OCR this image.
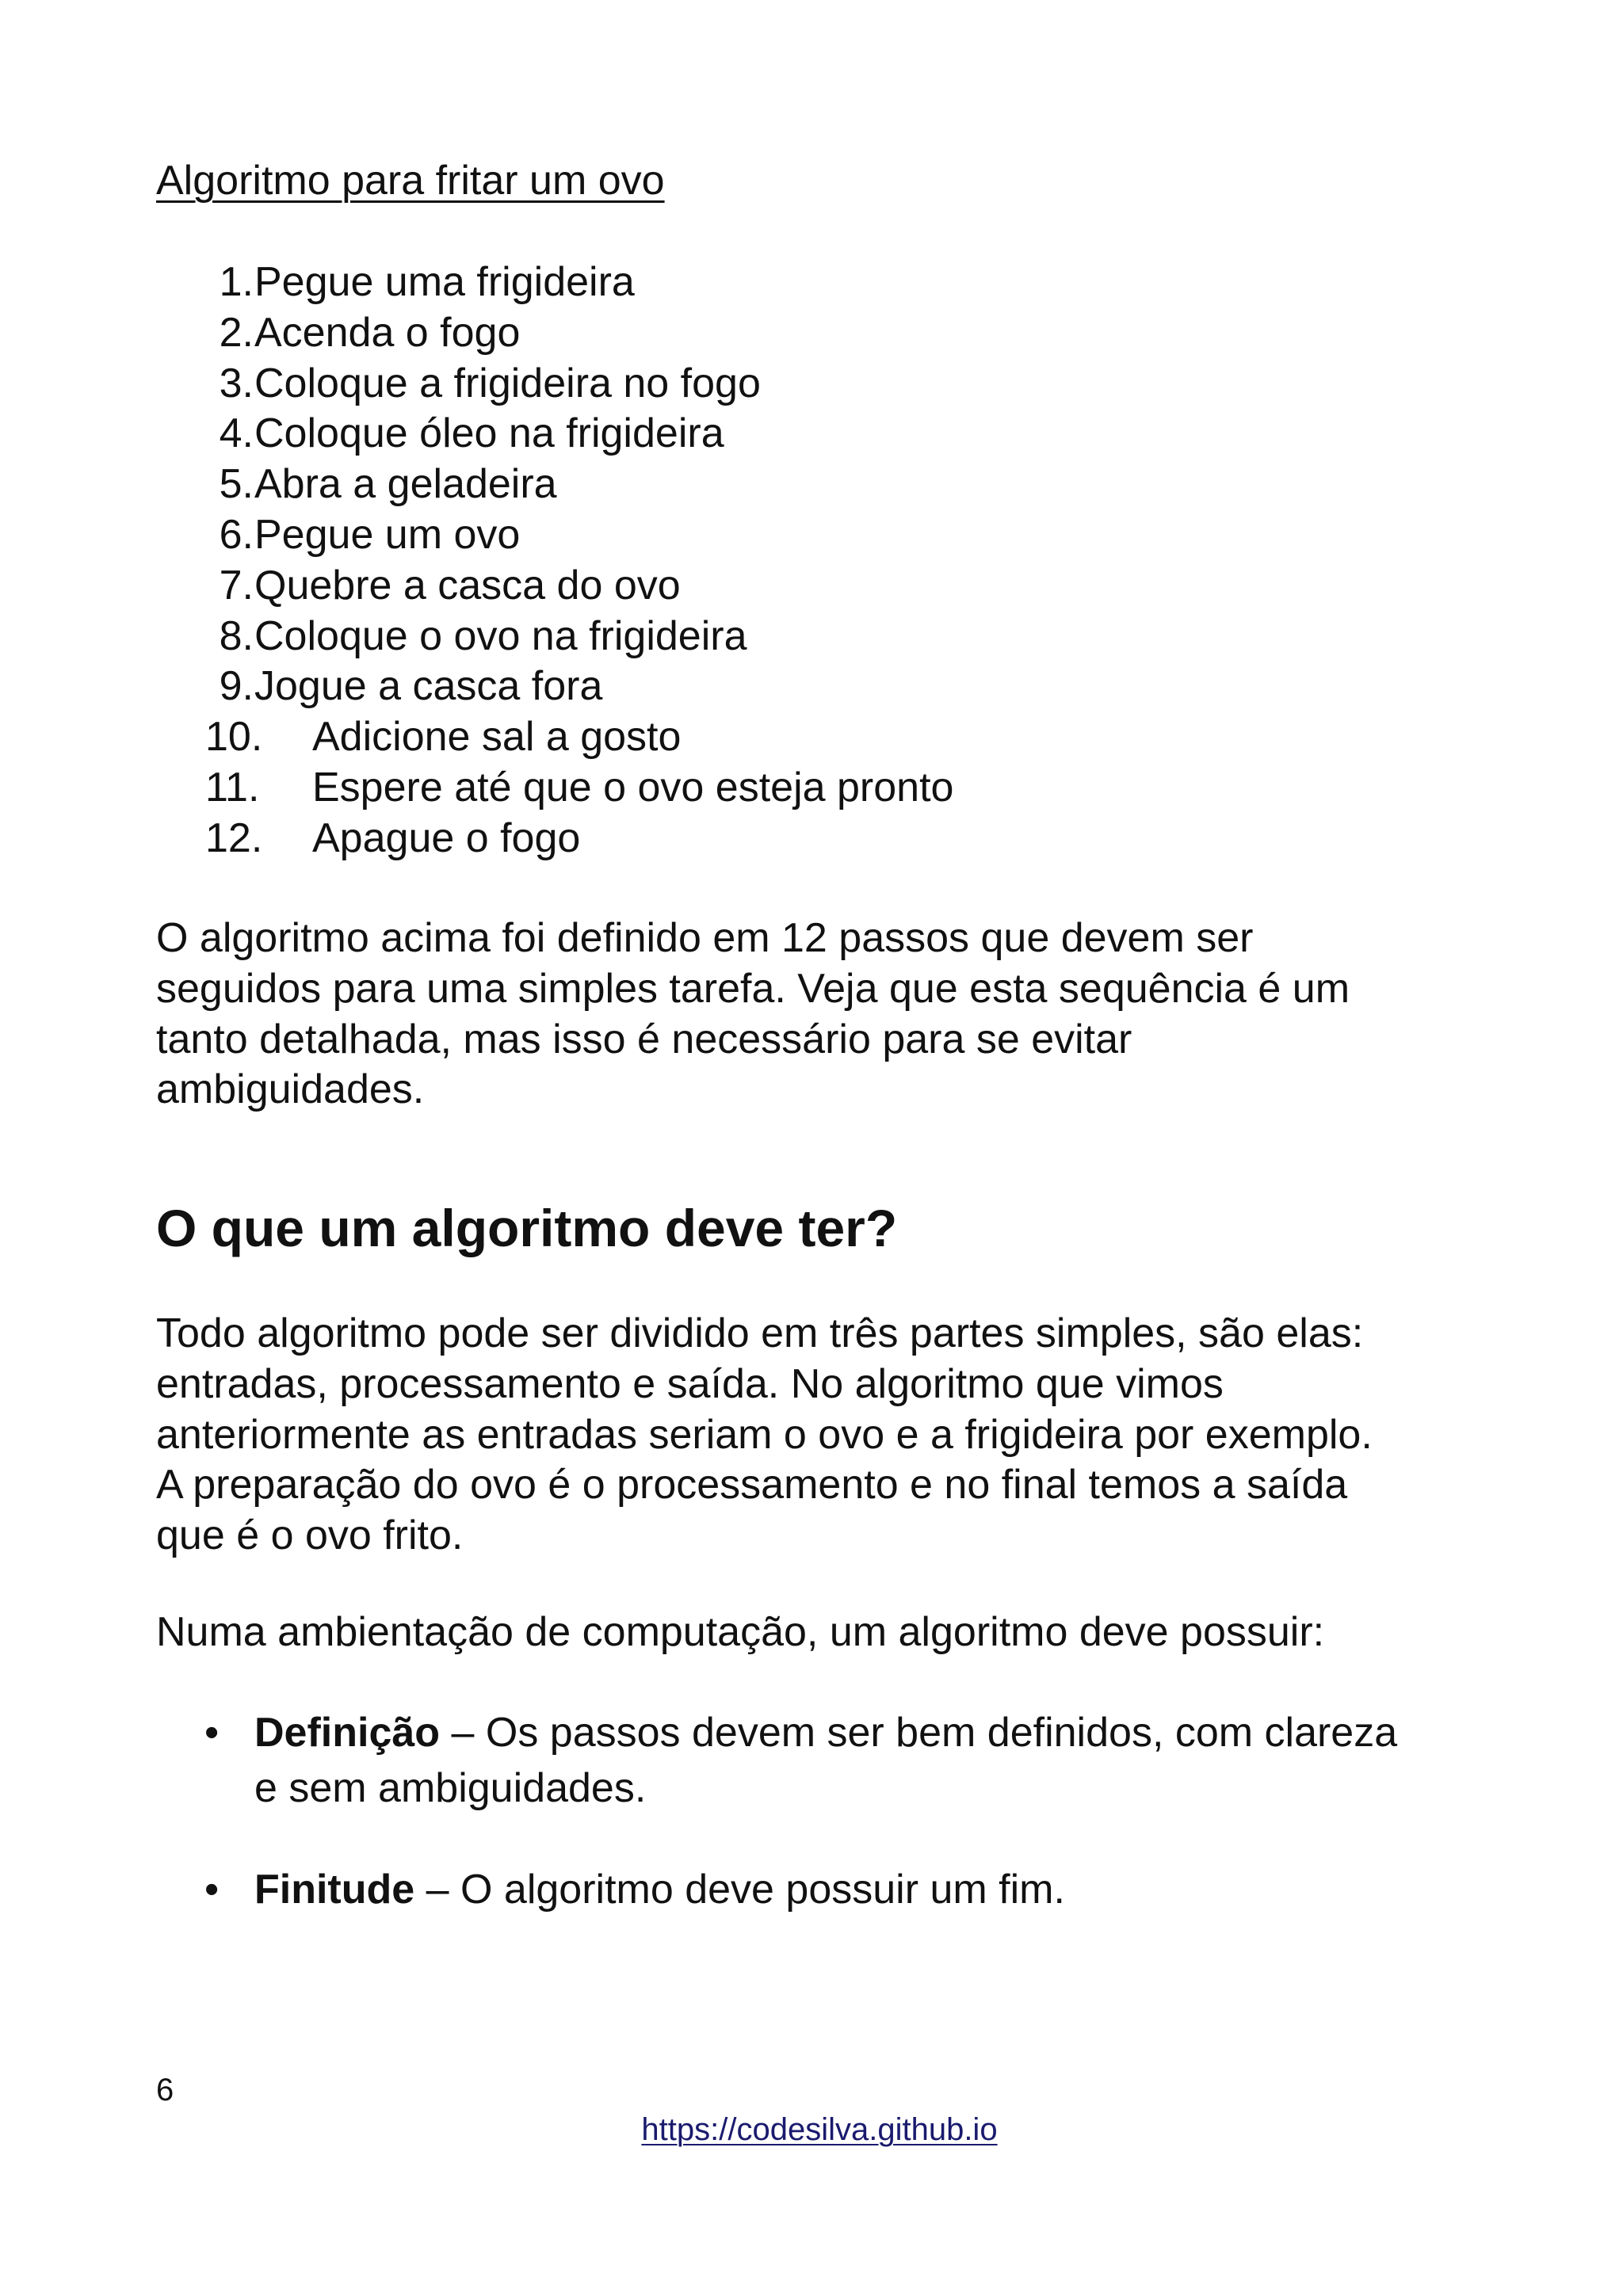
Algoritmo para fritar um ovo
1. Pegue uma frigideira
2. Acenda o fogo
3. Coloque a frigideira no fogo
4. Coloque óleo na frigideira
5. Abra a geladeira
6. Pegue um ovo
7. Quebre a casca do ovo
8. Coloque o ovo na frigideira
9. Jogue a casca fora
10.	Adicione sal a gosto
11.	Espere até que o ovo esteja pronto
12.	Apague o fogo
O algoritmo acima foi definido em 12 passos que devem ser
seguidos para uma simples tarefa. Veja que esta sequência é um
tanto detalhada, mas isso é necessário para se evitar
ambiguidades.
O que um algoritmo deve ter?
Todo algoritmo pode ser dividido em três partes simples, são elas:
entradas, processamento e saída. No algoritmo que vimos
anteriormente as entradas seriam o ovo e a frigideira por exemplo.
A preparação do ovo é o processamento e no final temos a saída
que é o ovo frito.
Numa ambientação de computação, um algoritmo deve possuir:
• Definição – Os passos devem ser bem definidos, com clareza
e sem ambiguidades.
• Finitude – O algoritmo deve possuir um fim.
6
https://codesilva.github.io
